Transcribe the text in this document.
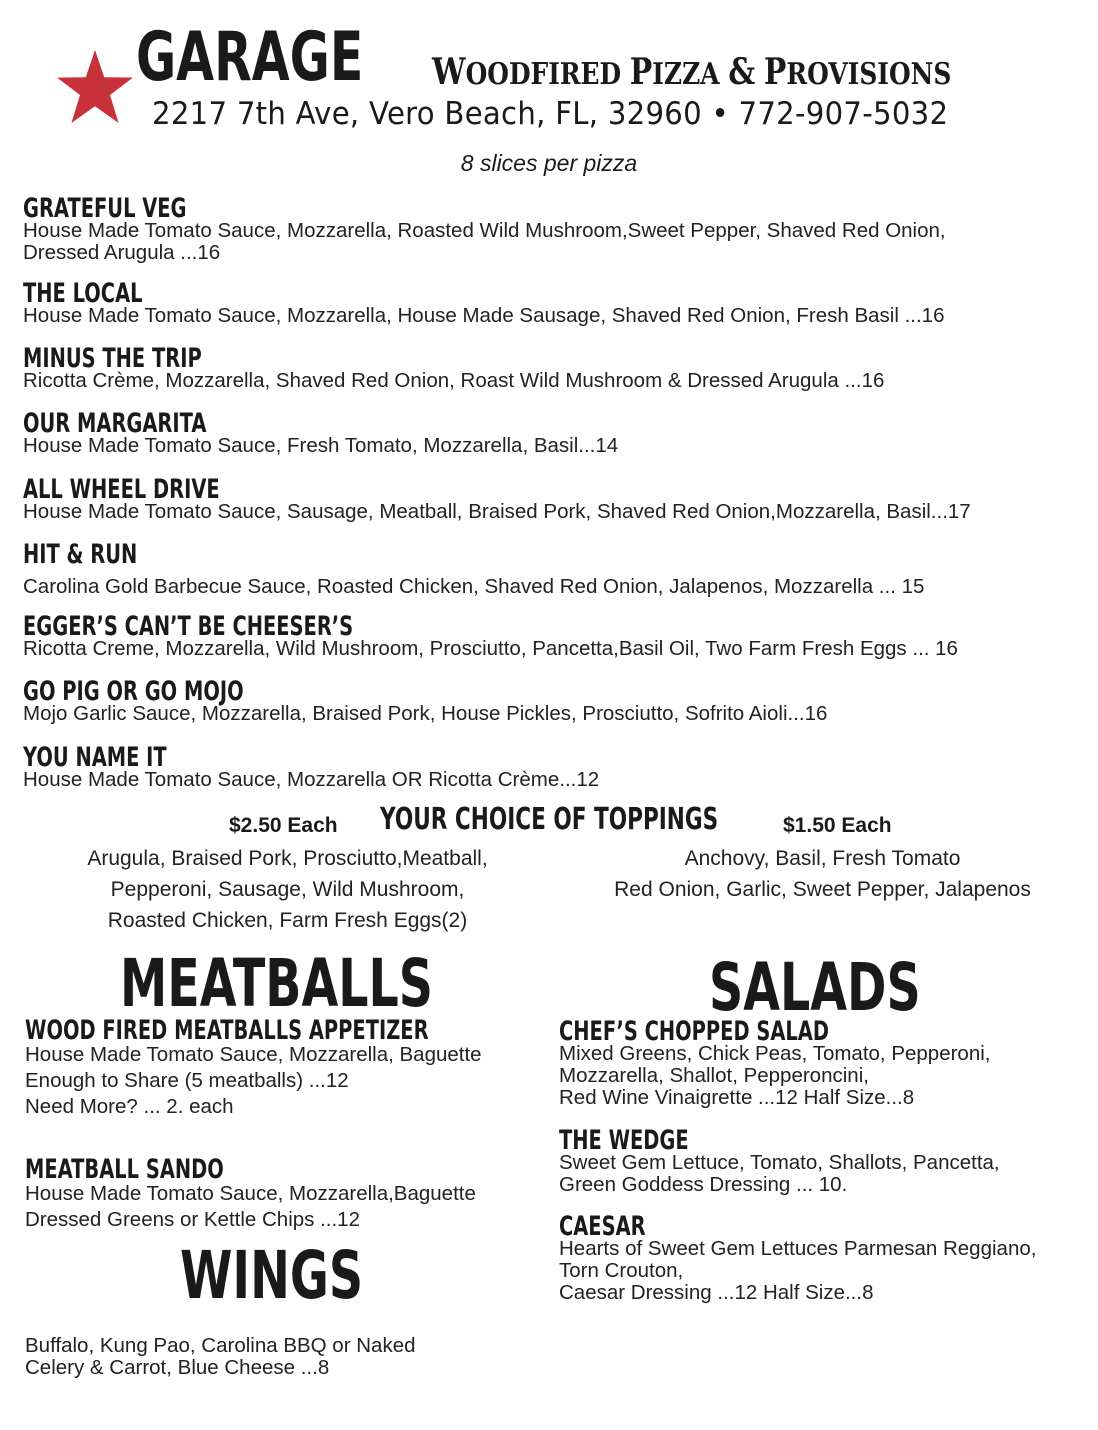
GARAGE WOODFIRED PIZZA & PROVISIONS
2217 7th Ave, Vero Beach, FL, 32960 • 772-907-5032
8 slices per pizza
GRATEFUL VEG
House Made Tomato Sauce, Mozzarella, Roasted Wild Mushroom,Sweet Pepper, Shaved Red Onion,
Dressed Arugula ...16
THE LOCAL
House Made Tomato Sauce, Mozzarella, House Made Sausage, Shaved Red Onion, Fresh Basil ...16
MINUS THE TRIP
Ricotta Crème, Mozzarella, Shaved Red Onion, Roast Wild Mushroom & Dressed Arugula ...16
OUR MARGARITA
House Made Tomato Sauce, Fresh Tomato, Mozzarella, Basil...14
ALL WHEEL DRIVE
House Made Tomato Sauce, Sausage, Meatball, Braised Pork, Shaved Red Onion,Mozzarella, Basil...17
HIT & RUN
Carolina Gold Barbecue Sauce, Roasted Chicken, Shaved Red Onion, Jalapenos, Mozzarella ... 15
EGGER’S CAN’T BE CHEESER’S
Ricotta Creme, Mozzarella, Wild Mushroom, Prosciutto, Pancetta,Basil Oil, Two Farm Fresh Eggs ... 16
GO PIG OR GO MOJO
Mojo Garlic Sauce, Mozzarella, Braised Pork, House Pickles, Prosciutto, Sofrito Aioli...16
YOU NAME IT
House Made Tomato Sauce, Mozzarella OR Ricotta Crème...12
YOUR CHOICE OF TOPPINGS
$2.50 Each	$1.50 Each
Arugula, Braised Pork, Prosciutto,Meatball,
Pepperoni, Sausage, Wild Mushroom,
Roasted Chicken, Farm Fresh Eggs(2)
Anchovy, Basil, Fresh Tomato
Red Onion, Garlic, Sweet Pepper, Jalapenos
MEATBALLS
WOOD FIRED MEATBALLS APPETIZER
House Made Tomato Sauce, Mozzarella, Baguette
Enough to Share (5 meatballs) ...12
Need More? ... 2. each
MEATBALL SANDO
House Made Tomato Sauce, Mozzarella,Baguette
Dressed Greens or Kettle Chips ...12
WINGS
Buffalo, Kung Pao, Carolina BBQ or Naked
Celery & Carrot, Blue Cheese ...8
SALADS
CHEF’S CHOPPED SALAD
Mixed Greens, Chick Peas, Tomato, Pepperoni,
Mozzarella, Shallot, Pepperoncini,
Red Wine Vinaigrette ...12 Half Size...8
THE WEDGE
Sweet Gem Lettuce, Tomato, Shallots, Pancetta,
Green Goddess Dressing ... 10.
CAESAR
Hearts of Sweet Gem Lettuces Parmesan Reggiano,
Torn Crouton,
Caesar Dressing ...12 Half Size...8
